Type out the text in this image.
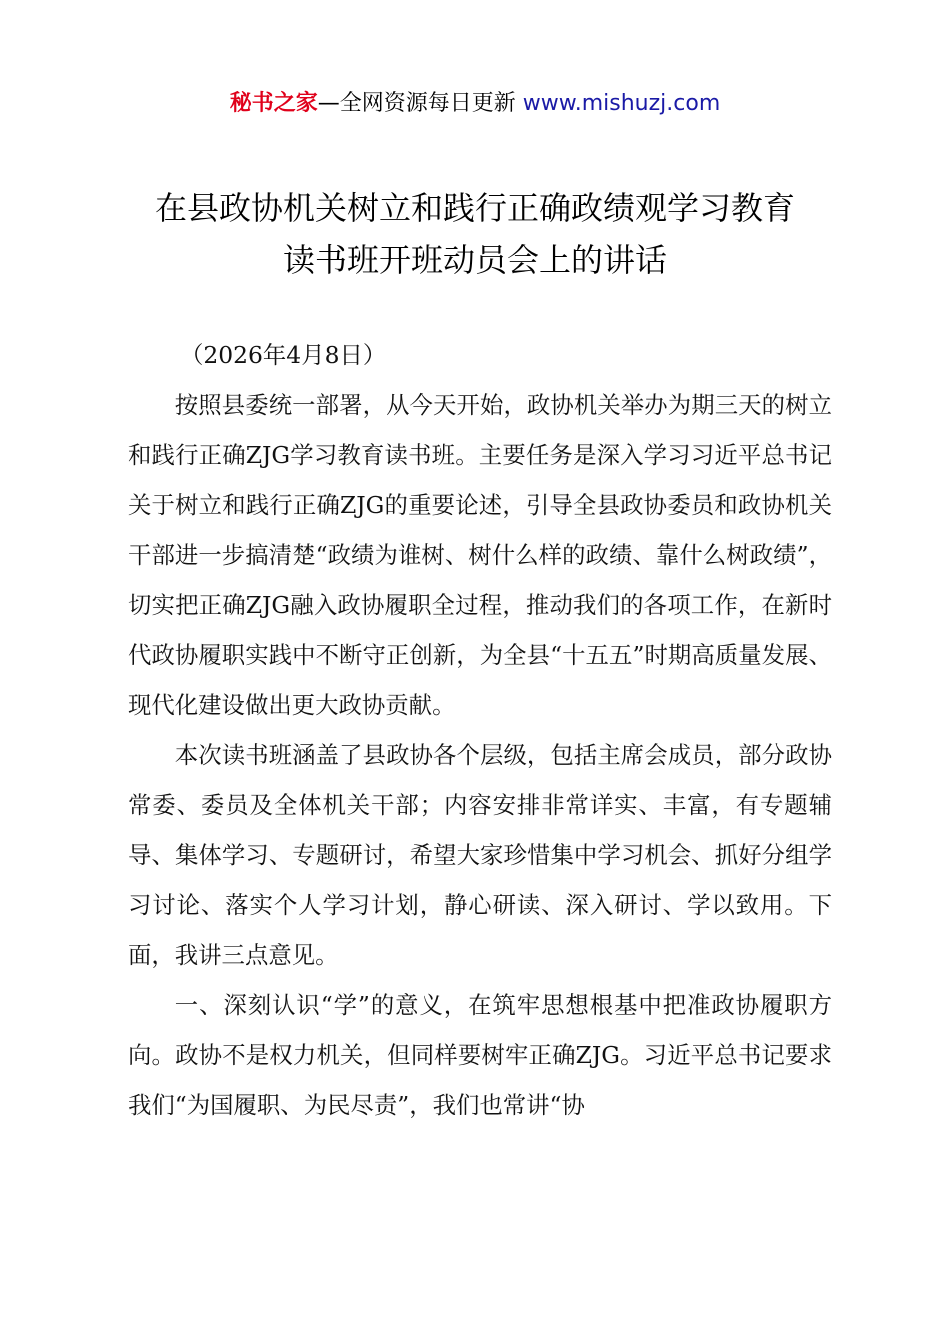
秘书之家—全网资源每日更新 www.mishuzj.com
在县政协机关树立和践行正确政绩观学习教育
读书班开班动员会上的讲话
（2026年4月8日）

按照县委统一部署，从今天开始，政协机关举办为期三天的树立和践行正确ZJG学习教育读书班。主要任务是深入学习习近平总书记关于树立和践行正确ZJG的重要论述，引导全县政协委员和政协机关干部进一步搞清楚“政绩为谁树、树什么样的政绩、靠什么树政绩”，切实把正确ZJG融入政协履职全过程，推动我们的各项工作，在新时代政协履职实践中不断守正创新，为全县“十五五”时期高质量发展、现代化建设做出更大政协贡献。

本次读书班涵盖了县政协各个层级，包括主席会成员，部分政协常委、委员及全体机关干部；内容安排非常详实、丰富，有专题辅导、集体学习、专题研讨，希望大家珍惜集中学习机会、抓好分组学习讨论、落实个人学习计划，静心研读、深入研讨、学以致用。下面，我讲三点意见。

一、深刻认识“学”的意义，在筑牢思想根基中把准政协履职方向。政协不是权力机关，但同样要树牢正确ZJG。习近平总书记要求我们“为国履职、为民尽责”，我们也常讲“协
